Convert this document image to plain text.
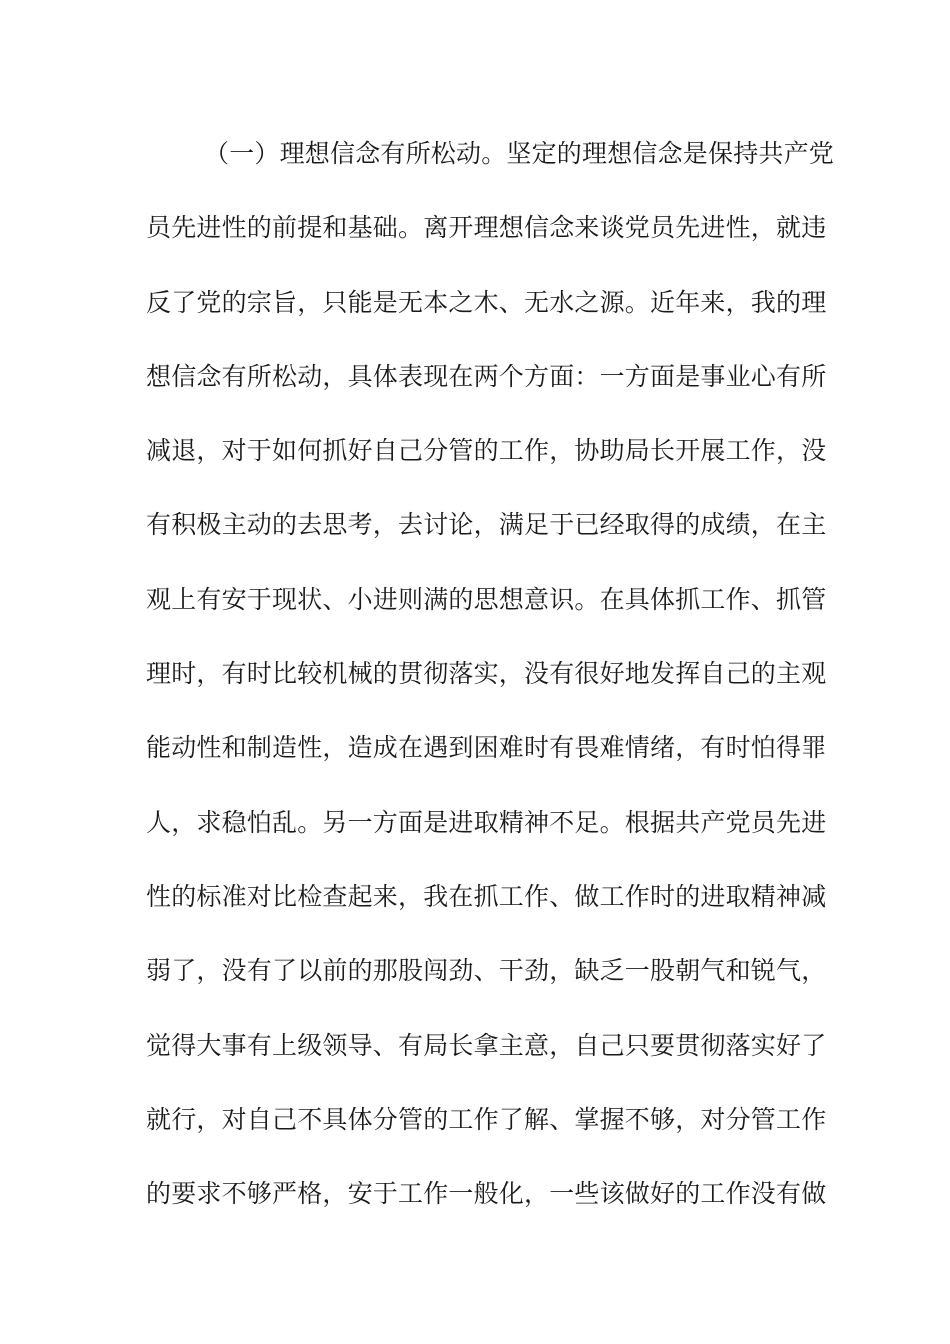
（一）理想信念有所松动。坚定的理想信念是保持共产党
员先进性的前提和基础。离开理想信念来谈党员先进性，就违
反了党的宗旨，只能是无本之木、无水之源。近年来，我的理
想信念有所松动，具体表现在两个方面：一方面是事业心有所
减退，对于如何抓好自己分管的工作，协助局长开展工作，没
有积极主动的去思考，去讨论，满足于已经取得的成绩，在主
观上有安于现状、小进则满的思想意识。在具体抓工作、抓管
理时，有时比较机械的贯彻落实，没有很好地发挥自己的主观
能动性和制造性，造成在遇到困难时有畏难情绪，有时怕得罪
人，求稳怕乱。另一方面是进取精神不足。根据共产党员先进
性的标准对比检查起来，我在抓工作、做工作时的进取精神减
弱了，没有了以前的那股闯劲、干劲，缺乏一股朝气和锐气，
觉得大事有上级领导、有局长拿主意，自己只要贯彻落实好了
就行，对自己不具体分管的工作了解、掌握不够，对分管工作
的要求不够严格，安于工作一般化，一些该做好的工作没有做
